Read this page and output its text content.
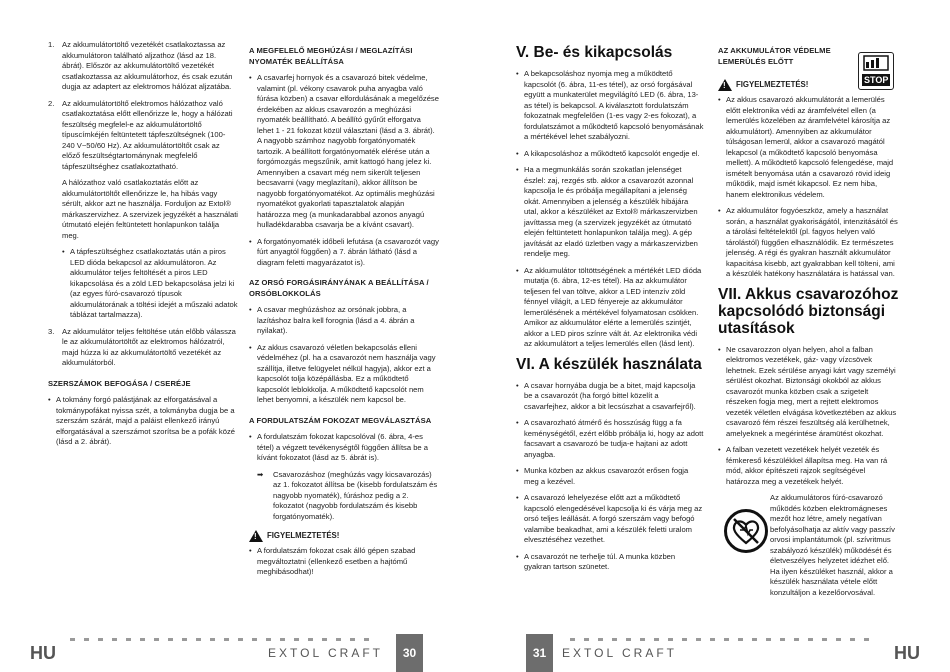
1. Az akkumulátortöltő vezetékét csatlakoztassa az akkumulátoron található aljzathoz (lásd az 18. ábrát). Először az akkumulátortöltő vezetékét csatlakoztassa az akkumulátorhoz, és csak ezután dugja az adaptert az elektromos hálózat aljzatába.
2. Az akkumulátortöltő elektromos hálózathoz való csatlakoztatása előtt ellenőrizze le, hogy a hálózati feszültség megfelel-e az akkumulátortöltő típuscímkéjén feltüntetett tápfeszültségnek (100-240 V~50/60 Hz). Az akkumulátortöltőt csak az előző feszültségtartománynak megfelelő tápfeszültséghez csatlakoztatható.

A hálózathoz való csatlakoztatás előtt az akkumulátortöltőt ellenőrizze le, ha hibás vagy sérült, akkor azt ne használja. Forduljon az Extol® márkaszervizhez. A szervizek jegyzékét a használati útmutató elején feltüntetett honlapunkon találja meg.

• A tápfeszültséghez csatlakoztatás után a piros LED dióda bekapcsol az akkumulátoron. Az akkumulátor teljes feltöltését a piros LED kikapcsolása és a zöld LED bekapcsolása jelzi ki (az egyes fúró-csavarozó típusok akkumulátorának a töltési idejét a műszaki adatok táblázat tartalmazza).
3. Az akkumulátor teljes feltöltése után előbb válassza le az akkumulátortöltőt az elektromos hálózatról, majd húzza ki az akkumulátortöltő vezetékét az akkumulátorból.
SZERSZÁMOK BEFOGÁSA / CSERÉJE
• A tokmány forgó palástjának az elforgatásával a tokmánypofákat nyissa szét, a tokmányba dugja be a szerszám szárát, majd a paláist ellenkező irányú elforgatásával a szerszámot szorítsa be a pofák közé (lásd a 2. ábrát).
A MEGFELELŐ MEGHÚZÁSI / MEGLAZÍTÁSI NYOMATÉK BEÁLLÍTÁSA
• A csavarfej hornyok és a csavarozó bitek védelme, valamint (pl. vékony csavarok puha anyagba való fúrása közben) a csavar elfordulásának a megelőzése érdekében az akkus csavarozón a meghúzási nyomaték beállítható. A beállító gyűrűt elforgatva lehet 1 - 21 fokozat közül választani (lásd a 3. ábrát). A nagyobb számhoz nagyobb forgatónyomaték tartozik. A beállított forgatónyomaték elérése után a forgómozgás megszűnik, amit kattogó hang jelez ki. Amennyiben a csavart még nem sikerült teljesen becsavarni (vagy meglazítani), akkor állítson be nagyobb forgatónyomatékot. Az optimális meghúzási nyomatékot gyakorlati tapasztalatok alapján határozza meg (a munkadarabbal azonos anyagú hulladékdarabba csavarja be a kívánt csavart).
• A forgatónyomaték időbeli lefutása (a csavarozót vagy fúrt anyagtól függően) a 7. ábrán látható (lásd a diagram feletti magyarázatot is).
AZ ORSÓ FORGÁSIRÁNYÁNAK A BEÁLLÍTÁSA / ORSÓBLOKKOLÁS
• A csavar meghúzáshoz az orsónak jobbra, a lazításhoz balra kell forognia (lásd a 4. ábrán a nyilakat).
• Az akkus csavarozó véletlen bekapcsolás elleni védelméhez (pl. ha a csavarozót nem használja vagy szállítja, illetve felügyelet nélkül hagyja), akkor ezt a kapcsolót tolja középállásba. Ez a működtető kapcsolót leblokkolja. A működtető kapcsolót nem lehet benyomni, a készülék nem kapcsol be.
A FORDULATSZÁM FOKOZAT MEGVÁLASZTÁSA
• A fordulatszám fokozat kapcsolóval (6. ábra, 4-es tétel) a végzett tevékenységtől függően állítsa be a kívánt fokozatot (lásd az 5. ábrát is).
➡ Csavarozáshoz (meghúzás vagy kicsavarozás) az 1. fokozatot állítsa be (kisebb fordulatszám és nagyobb nyomaték), fúráshoz pedig a 2. fokozatot (nagyobb fordulatszám és kisebb forgatónyomaték).
! FIGYELMEZTETÉS!
• A fordulatszám fokozat csak álló gépen szabad megváltoztatni (ellenkező esetben a hajtómű meghibásodhat)!
V. Be- és kikapcsolás
• A bekapcsoláshoz nyomja meg a működtető kapcsolót (6. ábra, 11-es tétel), az orsó forgásával együtt a munkaterület megvilágító LED (6. ábra, 13-as tétel) is bekapcsol. A kiválasztott fordulatszám fokozatnak megfelelően (1-es vagy 2-es fokozat), a fordulatszámot a működtető kapcsoló benyomásának a mértékével lehet szabályozni.
• A kikapcsoláshoz a működtető kapcsolót engedje el.
• Ha a megmunkálás során szokatlan jelenséget észlel: zaj, rezgés stb. akkor a csavarozót azonnal kapcsolja le és próbálja megállapítani a jelenség okát. Amennyiben a jelenség a készülék hibájára utal, akkor a készüléket az Extol® márkaszervizben javíttassa meg (a szervizek jegyzékét az útmutató elején feltüntetett honlapunkon találja meg). A gép javítását az eladó üzletben vagy a márkaszervizben rendelje meg.
• Az akkumulátor töltöttségének a mértékét LED dióda mutatja (6. ábra, 12-es tétel). Ha az akkumulátor teljesen fel van töltve, akkor a LED intenzív zöld fénnyel világít, a LED fényereje az akkumulátor lemerülésének a mértékével folyamatosan csökken.

Amikor az akkumulátor elérte a lemerülés szintjét, akkor a LED piros színre vált át. Az elektronika védi az akkumulátort a teljes lemerülés ellen (lásd lent).

VI. A készülék használata
• A csavar hornyába dugja be a bitet, majd kapcsolja be a csavarozót (ha forgó bittel közelít a csavarfejhez, akkor a bit lecsúszhat a csavarfejről).
• A csavarozható átmérő és hosszúság függ a fa keménységétől, ezért előbb próbálja ki, hogy az adott facsavart a csavarozó be tudja-e hajtani az adott anyagba.
• Munka közben az akkus csavarozót erősen fogja meg a kezével.
• A csavarozó lehelyezése előtt azt a működtető kapcsoló elengedésével kapcsolja ki és várja meg az orsó teljes leállását. A forgó szerszám vagy befogó valamibe beakadhat, ami a készülék feletti uralom elvesztéséhez vezethet.
• A csavarozót ne terhelje túl. A munka közben gyakran tartson szünetet.
AZ AKKUMULÁTOR VÉDELME LEMERÜLÉS ELŐTT
! FIGYELMEZTETÉS!
• Az akkus csavarozó akkumulátorát a lemerülés előtt elektronika védi az áramfelvétel ellen (a lemerülés közelében az áramfelvétel károsítja az akkumulátort). Amennyiben az akkumulátor túlságosan lemerül, akkor a csavarozó magától lekapcsol (a működtető kapcsoló benyomása mellett). A működtető kapcsoló felengedése, majd ismételt benyomása után a csavarozó rövid ideig működik, majd ismét kikapcsol. Ez nem hiba, hanem elektronikus védelem.
• Az akkumulátor fogyóeszköz, amely a használat során, a használat gyakoriságától, intenzitásától és a tárolási feltételektől (pl. fagyos helyen való tárolástól) függően elhasználódik. Ez természetes jelenség. A régi és gyakran használt akkumulátor kapacitása kisebb, azt gyakrabban kell tölteni, ami a készülék hatékony használatára is hatással van.
VII. Akkus csavarozóhoz kapcsolódó biztonsági utasítások
• Ne csavarozzon olyan helyen, ahol a falban elektromos vezetékek, gáz- vagy vízcsövek lehetnek. Ezek sérülése anyagi kárt vagy személyi sérülést okozhat. Biztonsági okokból az akkus csavarozót munka közben csak a szigetelt részeken fogja meg, mert a rejtett elektromos vezeték véletlen elvágása következtében az akkus csavarozó fém részei feszültség alá kerülhetnek, amelyeknek a megérintése áramütést okozhat.
• A falban vezetett vezetékek helyét vezeték és fémkereső készülékkel állapítsa meg. Ha van rá mód, akkor építészeti rajzok segítségével határozza meg a vezetékek helyét.

Az akkumulátoros fúró-csavarozó működés közben elektromágneses mezőt hoz létre, amely negatívan befolyásolhatja az aktív vagy passzív orvosi implantátumok (pl. szívritmus szabályozó készülék) működését és életveszélyes helyzetet idézhet elő. Ha ilyen készüléket használ, akkor a készülék használata vétele előtt konzultáljon a kezelőorvosával.

STOP
HU	HU
EXTOL CRAFT	30	31	EXTOL CRAFT
